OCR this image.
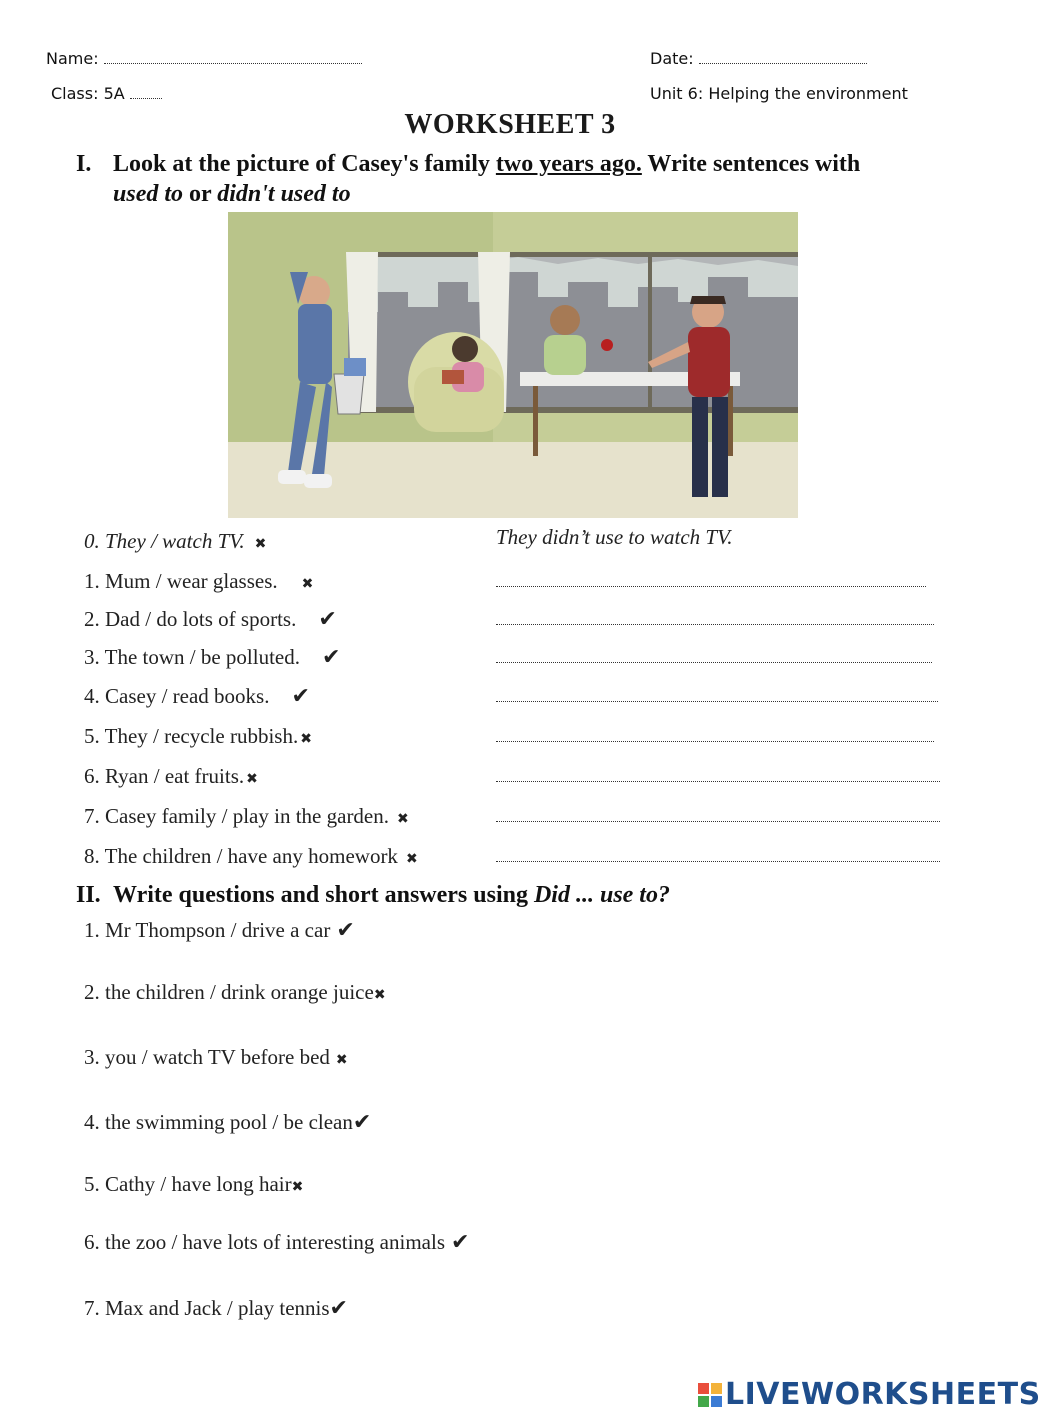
Name:	Date:
Class: 5A	Unit 6: Helping the environment
WORKSHEET 3
I. Look at the picture of Casey's family two years ago. Write sentences with
used to or didn't used to
0. They / watch TV. ✖	They didn’t use to watch TV.
1. Mum / wear glasses. ✖
2. Dad / do lots of sports. ✔
3. The town / be polluted. ✔
4. Casey / read books. ✔
5. They / recycle rubbish. ✖
6. Ryan / eat fruits. ✖
7. Casey family / play in the garden. ✖
8. The children / have any homework ✖
II. Write questions and short answers using Did ... use to?
1. Mr Thompson / drive a car ✔
2. the children / drink orange juice✖
3. you / watch TV before bed ✖
4. the swimming pool / be clean✔
5. Cathy / have long hair✖
6. the zoo / have lots of interesting animals ✔
7. Max and Jack / play tennis✔
LIVEWORKSHEETS
